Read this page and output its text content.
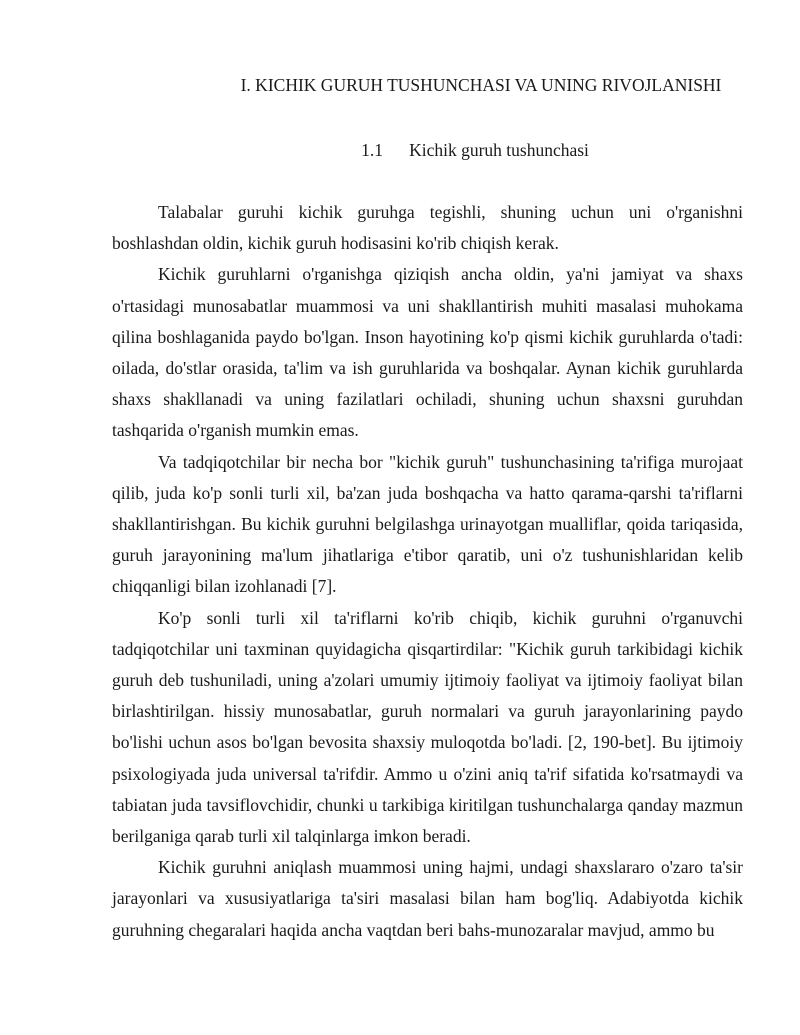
I. KICHIK GURUH TUSHUNCHASI VA UNING RIVOJLANISHI
1.1 Kichik guruh tushunchasi

Talabalar guruhi kichik guruhga tegishli, shuning uchun uni o'rganishni boshlashdan oldin, kichik guruh hodisasini ko'rib chiqish kerak.

Kichik guruhlarni o'rganishga qiziqish ancha oldin, ya'ni jamiyat va shaxs o'rtasidagi munosabatlar muammosi va uni shakllantirish muhiti masalasi muhokama qilina boshlaganida paydo bo'lgan. Inson hayotining ko'p qismi kichik guruhlarda o'tadi: oilada, do'stlar orasida, ta'lim va ish guruhlarida va boshqalar. Aynan kichik guruhlarda shaxs shakllanadi va uning fazilatlari ochiladi, shuning uchun shaxsni guruhdan tashqarida o'rganish mumkin emas.

Va tadqiqotchilar bir necha bor "kichik guruh" tushunchasining ta'rifiga murojaat qilib, juda ko'p sonli turli xil, ba'zan juda boshqacha va hatto qarama-qarshi ta'riflarni shakllantirishgan. Bu kichik guruhni belgilashga urinayotgan mualliflar, qoida tariqasida, guruh jarayonining ma'lum jihatlariga e'tibor qaratib, uni o'z tushunishlaridan kelib chiqqanligi bilan izohlanadi [7].

Ko'p sonli turli xil ta'riflarni ko'rib chiqib, kichik guruhni o'rganuvchi tadqiqotchilar uni taxminan quyidagicha qisqartirdilar: "Kichik guruh tarkibidagi kichik guruh deb tushuniladi, uning a'zolari umumiy ijtimoiy faoliyat va ijtimoiy faoliyat bilan birlashtirilgan. hissiy munosabatlar, guruh normalari va guruh jarayonlarining paydo bo'lishi uchun asos bo'lgan bevosita shaxsiy muloqotda bo'ladi. [2, 190-bet]. Bu ijtimoiy psixologiyada juda universal ta'rifdir. Ammo u o'zini aniq ta'rif sifatida ko'rsatmaydi va tabiatan juda tavsiflovchidir, chunki u tarkibiga kiritilgan tushunchalarga qanday mazmun berilganiga qarab turli xil talqinlarga imkon beradi.

Kichik guruhni aniqlash muammosi uning hajmi, undagi shaxslararo o'zaro ta'sir jarayonlari va xususiyatlariga ta'siri masalasi bilan ham bog'liq. Adabiyotda kichik guruhning chegaralari haqida ancha vaqtdan beri bahs-munozaralar mavjud, ammo bu
